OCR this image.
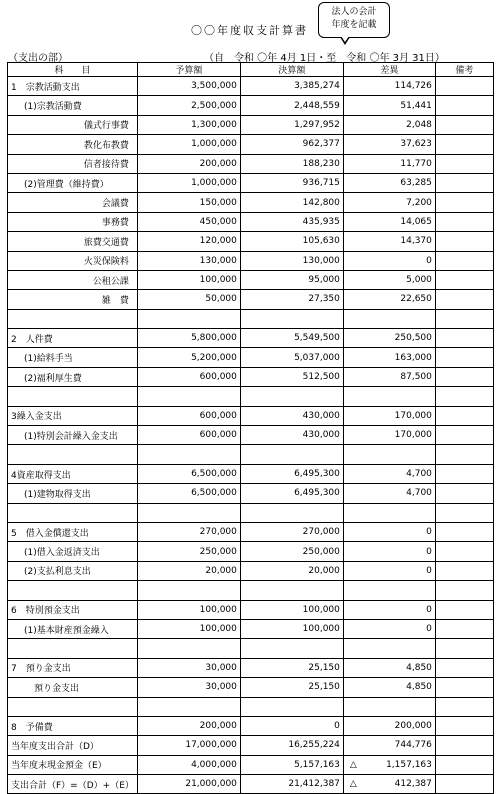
〇〇年度収支計算書
法人の会計
年度を記載
（支出の部）	（自　令和 〇年 4月 1日・至　令和 〇年 3月 31日）
科　　目	予算額	決算額	差異	備考
1　宗教活動支出	3,500,000	3,385,274	114,726	
(1)宗教活動費	2,500,000	2,448,559	51,441	
儀式行事費	1,300,000	1,297,952	2,048	
教化布教費	1,000,000	962,377	37,623	
信者接待費	200,000	188,230	11,770	
(2)管理費（維持費）	1,000,000	936,715	63,285	
会議費	150,000	142,800	7,200	
事務費	450,000	435,935	14,065	
旅費交通費	120,000	105,630	14,370	
火災保険料	130,000	130,000	0	
公租公課	100,000	95,000	5,000	
雑　費	50,000	27,350	22,650	

2　人件費	5,800,000	5,549,500	250,500	
(1)給料手当	5,200,000	5,037,000	163,000	
(2)福利厚生費	600,000	512,500	87,500	

3繰入金支出	600,000	430,000	170,000	
(1)特別会計繰入金支出	600,000	430,000	170,000	

4資産取得支出	6,500,000	6,495,300	4,700	
(1)建物取得支出	6,500,000	6,495,300	4,700	

5　借入金償還支出	270,000	270,000	0	
(1)借入金返済支出	250,000	250,000	0	
(2)支払利息支出	20,000	20,000	0	

6　特別預金支出	100,000	100,000	0	
(1)基本財産預金繰入	100,000	100,000	0	

7　預り金支出	30,000	25,150	4,850	
預り金支出	30,000	25,150	4,850	

8　予備費	200,000	0	200,000	
当年度支出合計（D）	17,000,000	16,255,224	744,776	
当年度末現金預金（E）	4,000,000	5,157,163	△ 1,157,163	
支出合計（F）=（D）+（E）	21,000,000	21,412,387	△ 412,387	
